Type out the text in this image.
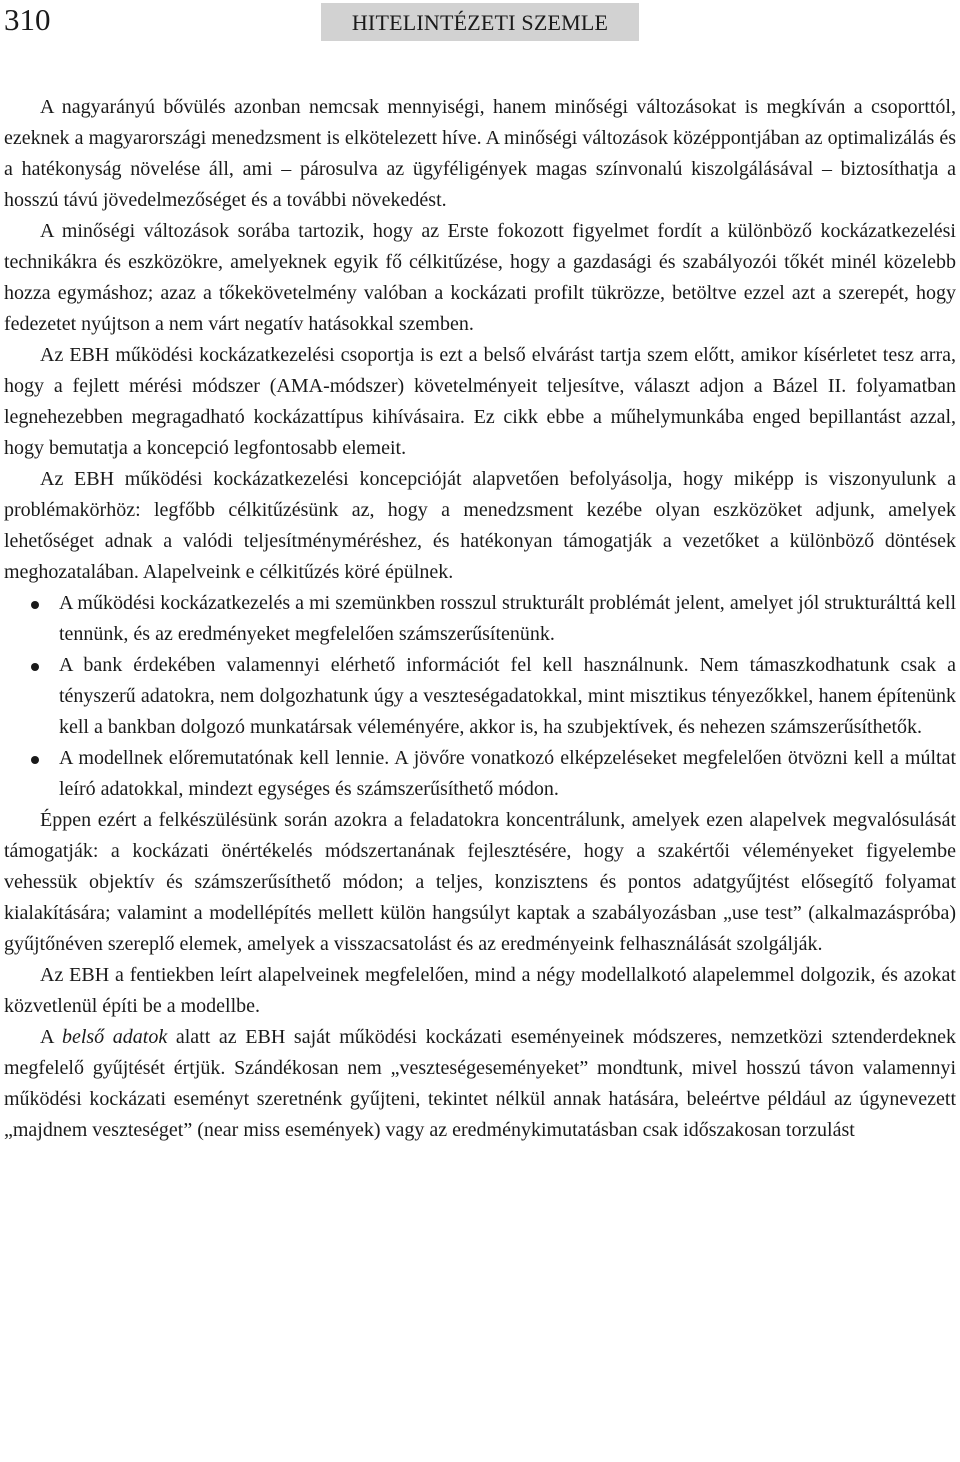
310	HITELINTÉZETI SZEMLE

A nagyarányú bővülés azonban nemcsak mennyiségi, hanem minőségi változásokat is megkíván a csoporttól, ezeknek a magyarországi menedzsment is elkötelezett híve. A minőségi változások középpontjában az optimalizálás és a hatékonyság növelése áll, ami – párosulva az ügyféligények magas színvonalú kiszolgálásával – biztosíthatja a hosszú távú jövedelmezőséget és a további növekedést.

A minőségi változások sorába tartozik, hogy az Erste fokozott figyelmet fordít a különböző kockázatkezelési technikákra és eszközökre, amelyeknek egyik fő célkitűzése, hogy a gazdasági és szabályozói tőkét minél közelebb hozza egymáshoz; azaz a tőkekövetelmény valóban a kockázati profilt tükrözze, betöltve ezzel azt a szerepét, hogy fedezetet nyújtson a nem várt negatív hatásokkal szemben.

Az EBH működési kockázatkezelési csoportja is ezt a belső elvárást tartja szem előtt, amikor kísérletet tesz arra, hogy a fejlett mérési módszer (AMA-módszer) követelményeit teljesítve, választ adjon a Bázel II. folyamatban legnehezebben megragadható kockázattípus kihívásaira. Ez cikk ebbe a műhelymunkába enged bepillantást azzal, hogy bemutatja a koncepció legfontosabb elemeit.

Az EBH működési kockázatkezelési koncepcióját alapvetően befolyásolja, hogy miképp is viszonyulunk a problémakörhöz: legfőbb célkitűzésünk az, hogy a menedzsment kezébe olyan eszközöket adjunk, amelyek lehetőséget adnak a valódi teljesítményméréshez, és hatékonyan támogatják a vezetőket a különböző döntések meghozatalában. Alapelveink e célkitűzés köré épülnek.

A működési kockázatkezelés a mi szemünkben rosszul strukturált problémát jelent, amelyet jól strukturálttá kell tennünk, és az eredményeket megfelelően számszerűsítenünk.
A bank érdekében valamennyi elérhető információt fel kell használnunk. Nem támaszkodhatunk csak a tényszerű adatokra, nem dolgozhatunk úgy a veszteségadatokkal, mint misztikus tényezőkkel, hanem építenünk kell a bankban dolgozó munkatársak véleményére, akkor is, ha szubjektívek, és nehezen számszerűsíthetők.
A modellnek előremutatónak kell lennie. A jövőre vonatkozó elképzeléseket megfelelően ötvözni kell a múltat leíró adatokkal, mindezt egységes és számszerűsíthető módon.

Éppen ezért a felkészülésünk során azokra a feladatokra koncentrálunk, amelyek ezen alapelvek megvalósulását támogatják: a kockázati önértékelés módszertanának fejlesztésére, hogy a szakértői véleményeket figyelembe vehessük objektív és számszerűsíthető módon; a teljes, konzisztens és pontos adatgyűjtést elősegítő folyamat kialakítására; valamint a modellépítés mellett külön hangsúlyt kaptak a szabályozásban „use test” (alkalmazáspróba) gyűjtőnéven szereplő elemek, amelyek a visszacsatolást és az eredményeink felhasználását szolgálják.

Az EBH a fentiekben leírt alapelveinek megfelelően, mind a négy modellalkotó alapelemmel dolgozik, és azokat közvetlenül építi be a modellbe.

A belső adatok alatt az EBH saját működési kockázati eseményeinek módszeres, nemzetközi sztenderdeknek megfelelő gyűjtését értjük. Szándékosan nem „veszteségeseményeket” mondtunk, mivel hosszú távon valamennyi működési kockázati eseményt szeretnénk gyűjteni, tekintet nélkül annak hatására, beleértve például az úgynevezett „majdnem veszteséget” (near miss események) vagy az eredménykimutatásban csak időszakosan torzulást
